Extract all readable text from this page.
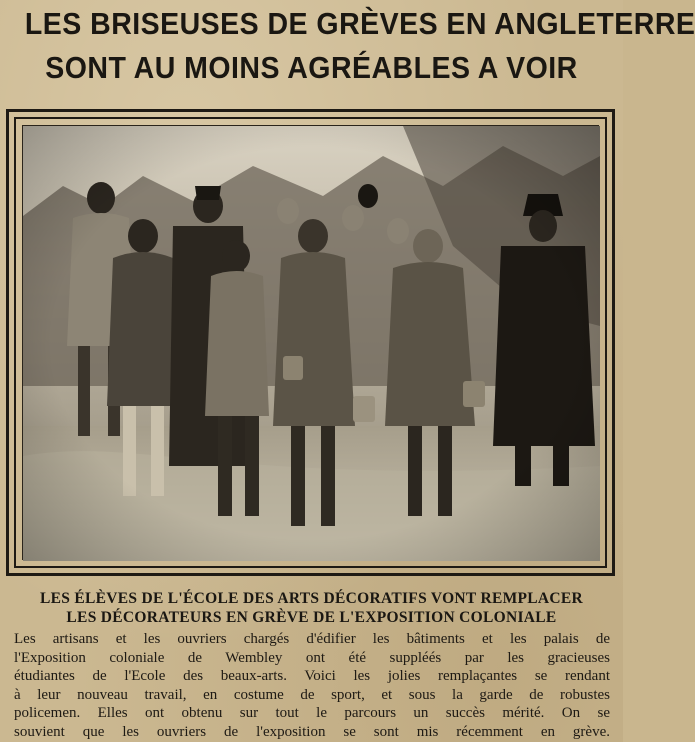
LES BRISEUSES DE GRÈVES EN ANGLETERRE
SONT AU MOINS AGRÉABLES A VOIR
LES ÉLÈVES DE L'ÉCOLE DES ARTS DÉCORATIFS VONT REMPLACER
LES DÉCORATEURS EN GRÈVE DE L'EXPOSITION COLONIALE
Les artisans et les ouvriers chargés d'édifier les bâtiments et les palais de
l'Exposition coloniale de Wembley ont été suppléés par les gracieuses
étudiantes de l'Ecole des beaux-arts. Voici les jolies remplaçantes se rendant
à leur nouveau travail, en costume de sport, et sous la garde de robustes
policemen. Elles ont obtenu sur tout le parcours un succès mérité. On se
souvient que les ouvriers de l'exposition se sont mis récemment en grève.
